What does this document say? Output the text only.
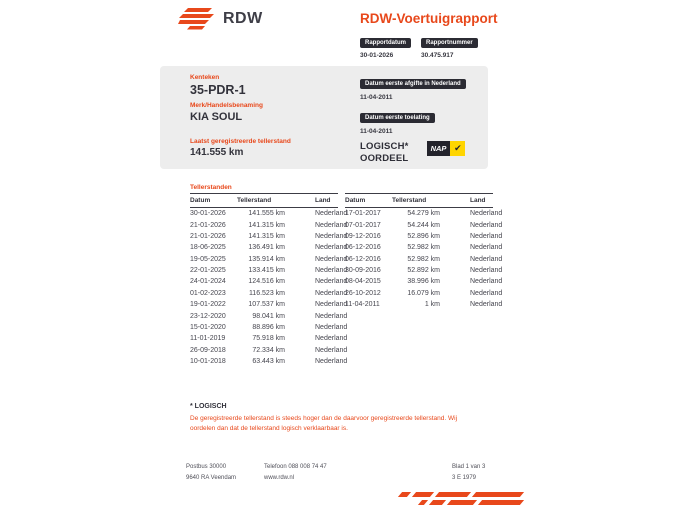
RDW	RDW-Voertuigrapport
Rapportdatum
30-01-2026
Rapportnummer
30.475.917
Kenteken
35-PDR-1
Merk/Handelsbenaming
KIA SOUL
Laatst geregistreerde tellerstand
141.555 km
Datum eerste afgifte in Nederland
11-04-2011
Datum eerste toelating
11-04-2011
LOGISCH*
OORDEEL
NAP ✔
Tellerstanden
Datum	Tellerstand	Land
30-01-2026	141.555 km	Nederland
21-01-2026	141.315 km	Nederland
21-01-2026	141.315 km	Nederland
18-06-2025	136.491 km	Nederland
19-05-2025	135.914 km	Nederland
22-01-2025	133.415 km	Nederland
24-01-2024	124.516 km	Nederland
01-02-2023	116.523 km	Nederland
19-01-2022	107.537 km	Nederland
23-12-2020	98.041 km	Nederland
15-01-2020	88.896 km	Nederland
11-01-2019	75.918 km	Nederland
26-09-2018	72.334 km	Nederland
10-01-2018	63.443 km	Nederland
Datum	Tellerstand	Land
17-01-2017	54.279 km	Nederland
07-01-2017	54.244 km	Nederland
09-12-2016	52.896 km	Nederland
06-12-2016	52.982 km	Nederland
06-12-2016	52.982 km	Nederland
30-09-2016	52.892 km	Nederland
08-04-2015	38.996 km	Nederland
26-10-2012	16.079 km	Nederland
11-04-2011	1 km	Nederland
* LOGISCH
De geregistreerde tellerstand is steeds hoger dan de daarvoor geregistreerde tellerstand. Wij oordelen dan dat de tellerstand logisch verklaarbaar is.
Postbus 30000
9640 RA Veendam
Telefoon 088 008 74 47
www.rdw.nl
Blad 1 van 3
3 E 1979
